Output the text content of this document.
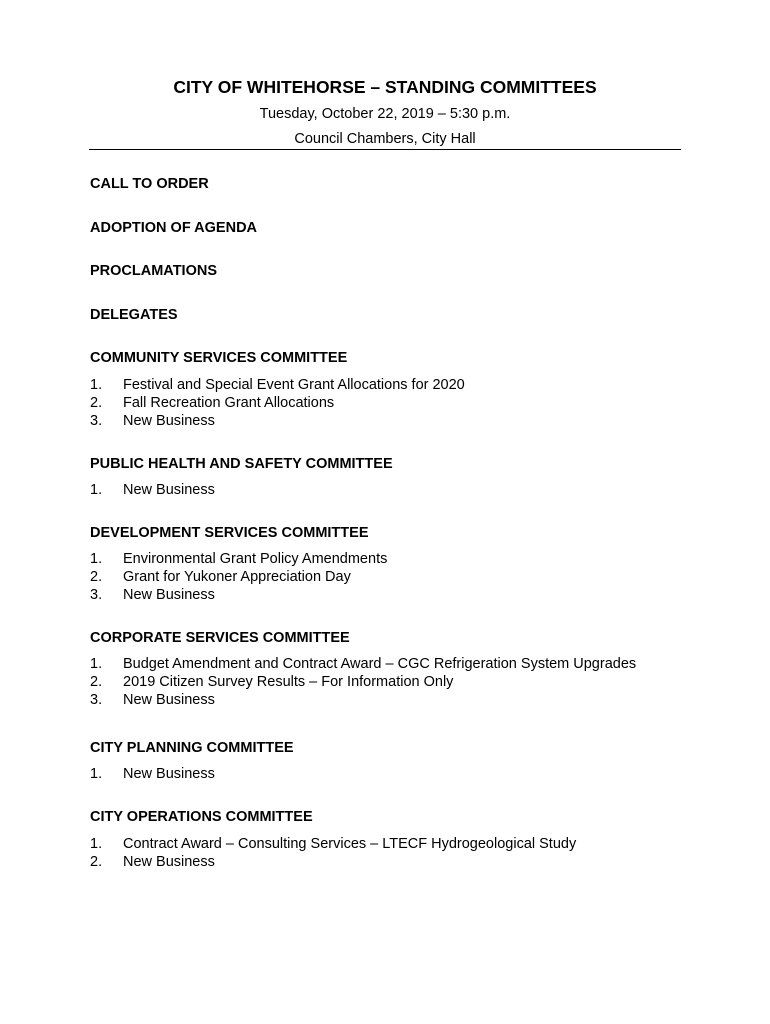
CITY OF WHITEHORSE – STANDING COMMITTEES

Tuesday, October 22, 2019 – 5:30 p.m.

Council Chambers, City Hall

CALL TO ORDER
ADOPTION OF AGENDA
PROCLAMATIONS
DELEGATES
COMMUNITY SERVICES COMMITTEE

1.	Festival and Special Event Grant Allocations for 2020

2.	Fall Recreation Grant Allocations

3.	New Business

PUBLIC HEALTH AND SAFETY COMMITTEE

1.	New Business

DEVELOPMENT SERVICES COMMITTEE

1.	Environmental Grant Policy Amendments

2.	Grant for Yukoner Appreciation Day

3.	New Business

CORPORATE SERVICES COMMITTEE

1.	Budget Amendment and Contract Award – CGC Refrigeration System Upgrades

2.	2019 Citizen Survey Results – For Information Only

3.	New Business

CITY PLANNING COMMITTEE

1.	New Business

CITY OPERATIONS COMMITTEE

1.	Contract Award – Consulting Services – LTECF Hydrogeological Study

2.	New Business
